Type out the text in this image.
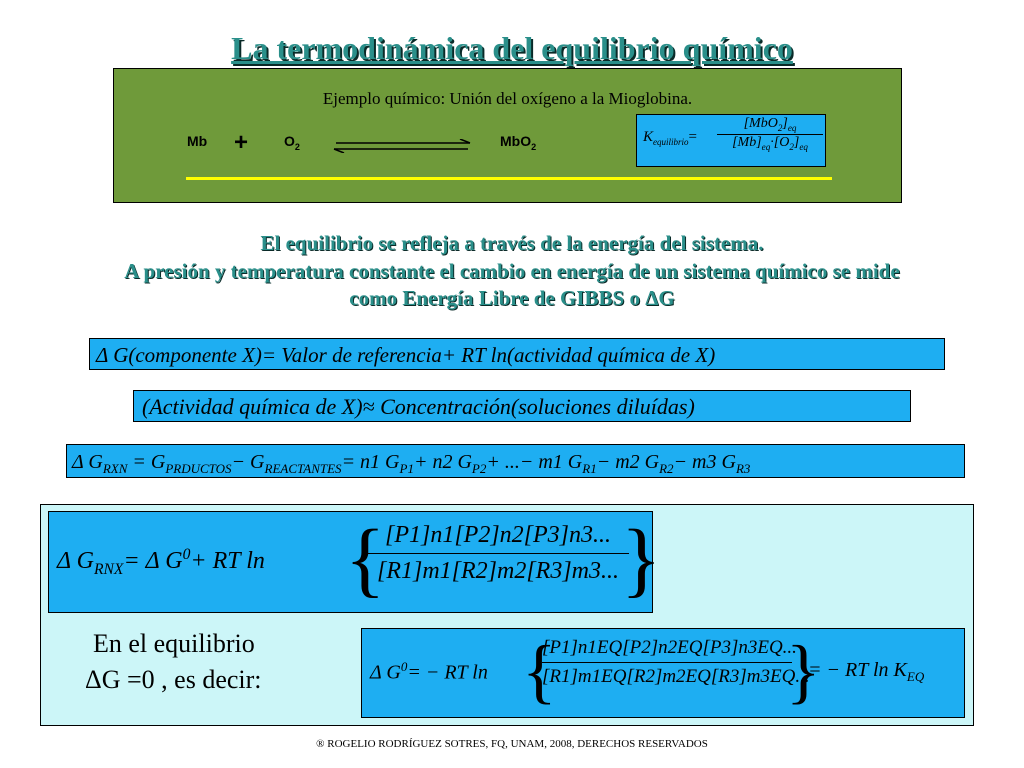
La termodinámica del equilibrio químico
Ejemplo químico: Unión del oxígeno a la Mioglobina.
Mb +	$O_2$	MbO$_2$
$K_{equilibrio}=$
$[MbO_2]_{eq}$
$[Mb]_{eq}\cdot[O_2]_{eq}$
El equilibrio se refleja a través de la energía del sistema.
A presión y temperatura constante el cambio en energía de un sistema químico se mide
como Energía Libre de GIBBS o ΔG
Δ G(componente X)= Valor de referencia+ RT ln(actividad química de X)
(Actividad química de X)≈ Concentración(soluciones diluídas)
Δ $G_{RXN} = G_{PRDUCTOS}- G_{REACTANTES}= n1$ $G_{P1}+ n2$ $G_{P2}+$ ...− m1 $G_{R1}- m2$ $G_{R2}- m3$ $G_{R3}$
Δ $G_{RNX}= \Delta$ $G^0+$ RT ln {
$\frac{[P1]n1[P2]n2[P3]n3...}{[R1]m1[R2]m2[R3]m3...}$
}
En el equilibrio
ΔG =0 , es decir:	Δ $G^0=$ − RT ln {
$\frac{[P1]n1EQ[P2]n2EQ[P3]n3EQ...}{[R1]m1EQ[R2]m2EQ[R3]m3EQ...}$
}
= − RT $\ln K_{EQ}$
® ROGELIO RODRÍGUEZ SOTRES, FQ, UNAM, 2008, DERECHOS RESERVADOS
